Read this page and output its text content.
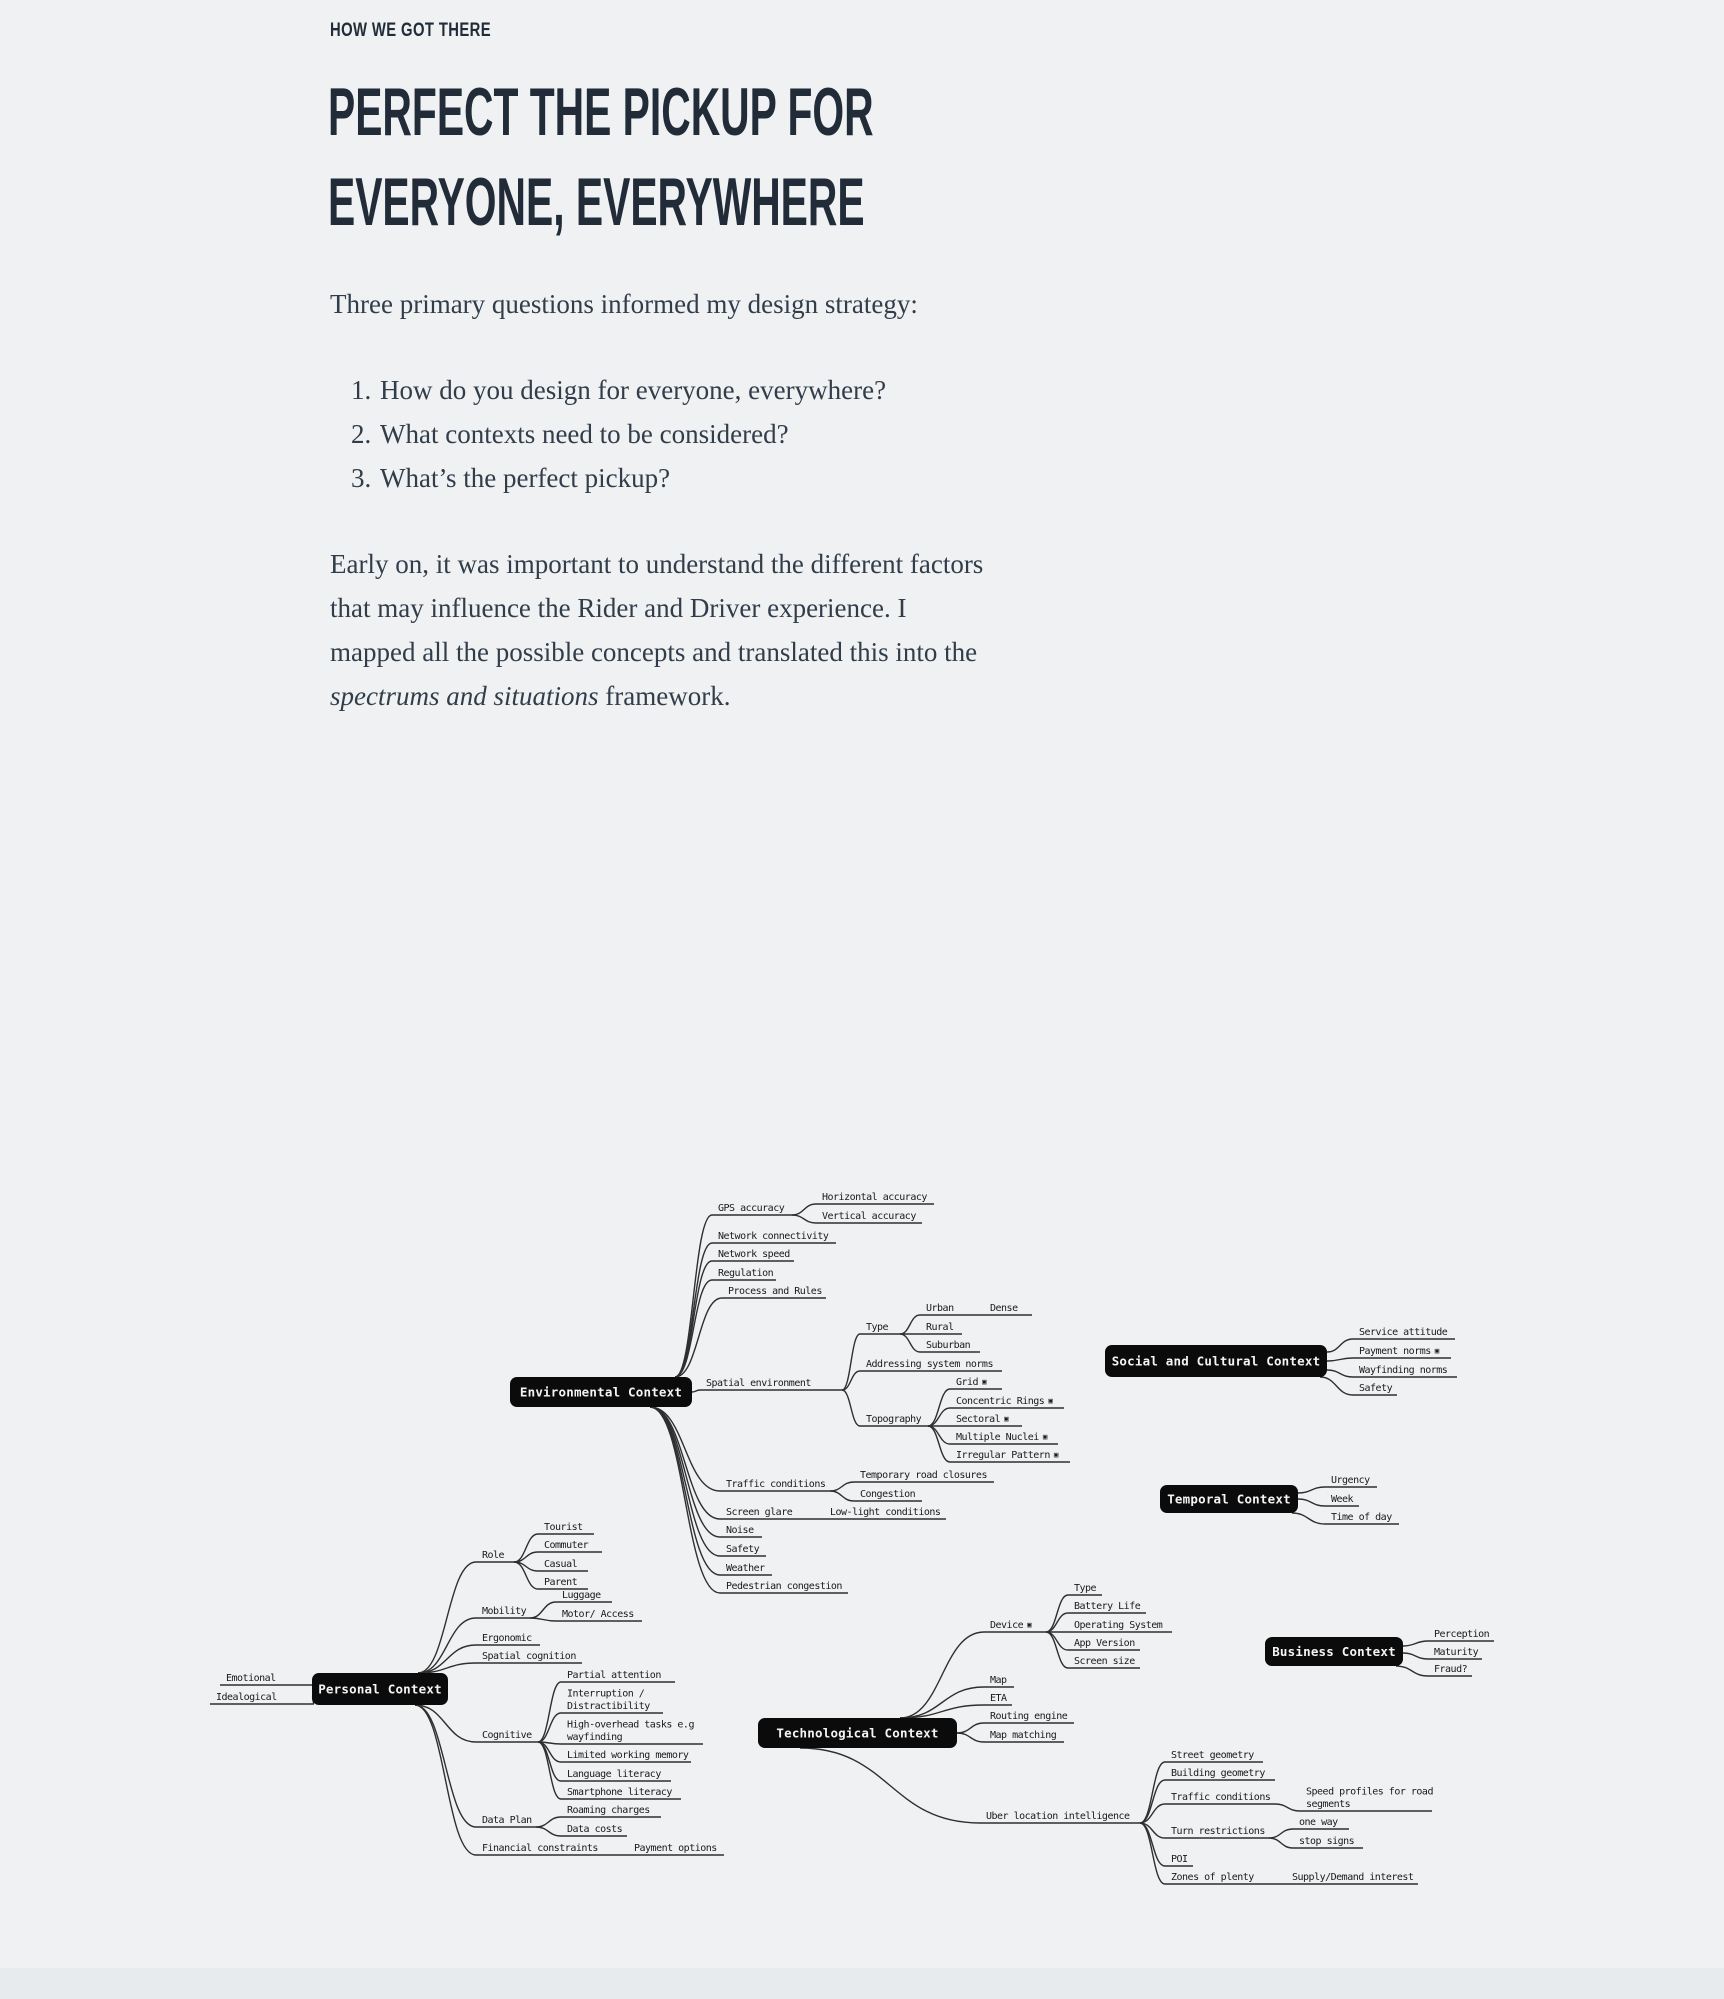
HOW WE GOT THERE
PERFECT THE PICKUP FOR
EVERYONE, EVERYWHERE

Three primary questions informed my design strategy:

1. How do you design for everyone, everywhere?
2. What contexts need to be considered?
3. What’s the perfect pickup?

Early on, it was important to understand the different factors that may influence the Rider and Driver experience. I mapped all the possible concepts and translated this into the spectrums and situations framework.

GPS accuracy
Horizontal accuracy
Vertical accuracy
Network connectivity
Network speed
Regulation
Process and Rules
Spatial environment
Type
Urban	Dense
Rural
Suburban
Addressing system norms
Topography
Grid ▣
Concentric Rings ▣
Sectoral ▣
Multiple Nuclei ▣
Irregular Pattern ▣
Traffic conditions
Temporary road closures
Congestion
Screen glare	Low-light conditions
Noise
Safety
Weather
Pedestrian congestion
Role
Tourist
Commuter
Casual
Parent
Mobility
Luggage
Motor/ Access
Ergonomic
Spatial cognition
Emotional
Idealogical
Cognitive
Partial attention
Interruption / Distractibility
High-overhead tasks e.g wayfinding
Limited working memory
Language literacy
Smartphone literacy
Data Plan
Roaming charges
Data costs
Financial constraints	Payment options
Device ▣
Type
Battery Life
Operating System
App Version
Screen size
Map
ETA
Routing engine
Map matching
Uber location intelligence
Street geometry
Building geometry
Traffic conditions	Speed profiles for road segments
Turn restrictions
one way
stop signs
POI
Zones of plenty	Supply/Demand interest
Service attitude
Payment norms ▣
Wayfinding norms
Safety
Urgency
Week
Time of day
Perception
Maturity
Fraud?
Environmental Context
Personal Context
Technological Context
Social and Cultural Context
Temporal Context
Business Context
